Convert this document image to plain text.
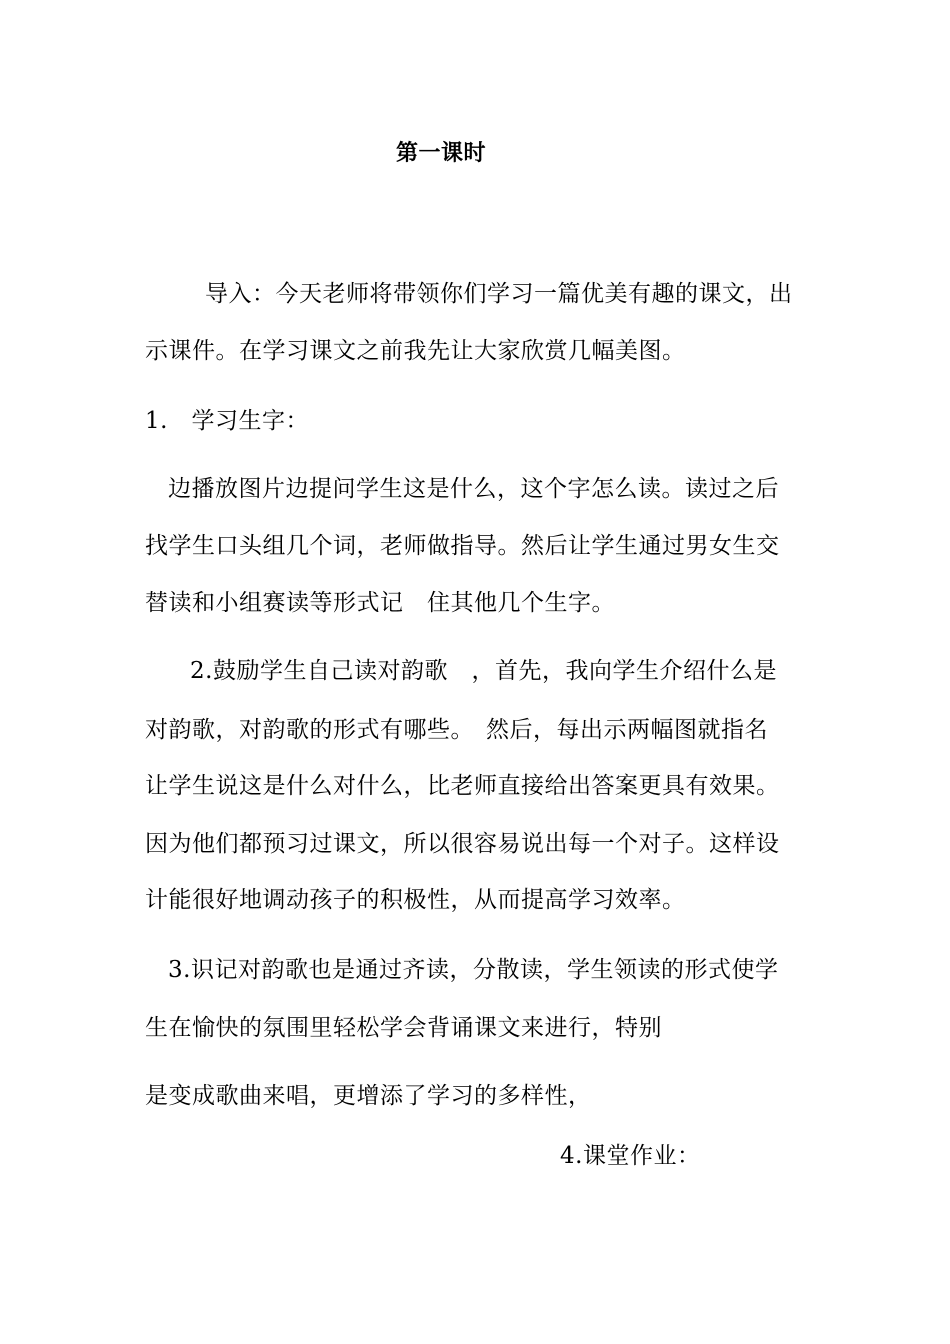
第一课时
导入：今天老师将带领你们学习一篇优美有趣的课文，出
示课件。在学习课文之前我先让大家欣赏几幅美图。
1.　学习生字：
边播放图片边提问学生这是什么，这个字怎么读。读过之后
找学生口头组几个词，老师做指导。然后让学生通过男女生交
替读和小组赛读等形式记　住其他几个生字。
2.鼓励学生自己读对韵歌　，首先，我向学生介绍什么是
对韵歌，对韵歌的形式有哪些。　然后，每出示两幅图就指名
让学生说这是什么对什么，比老师直接给出答案更具有效果。
因为他们都预习过课文，所以很容易说出每一个对子。这样设
计能很好地调动孩子的积极性，从而提高学习效率。
3.识记对韵歌也是通过齐读，分散读，学生领读的形式使学
生在愉快的氛围里轻松学会背诵课文来进行，特别
是变成歌曲来唱，更增添了学习的多样性，
4.课堂作业：
